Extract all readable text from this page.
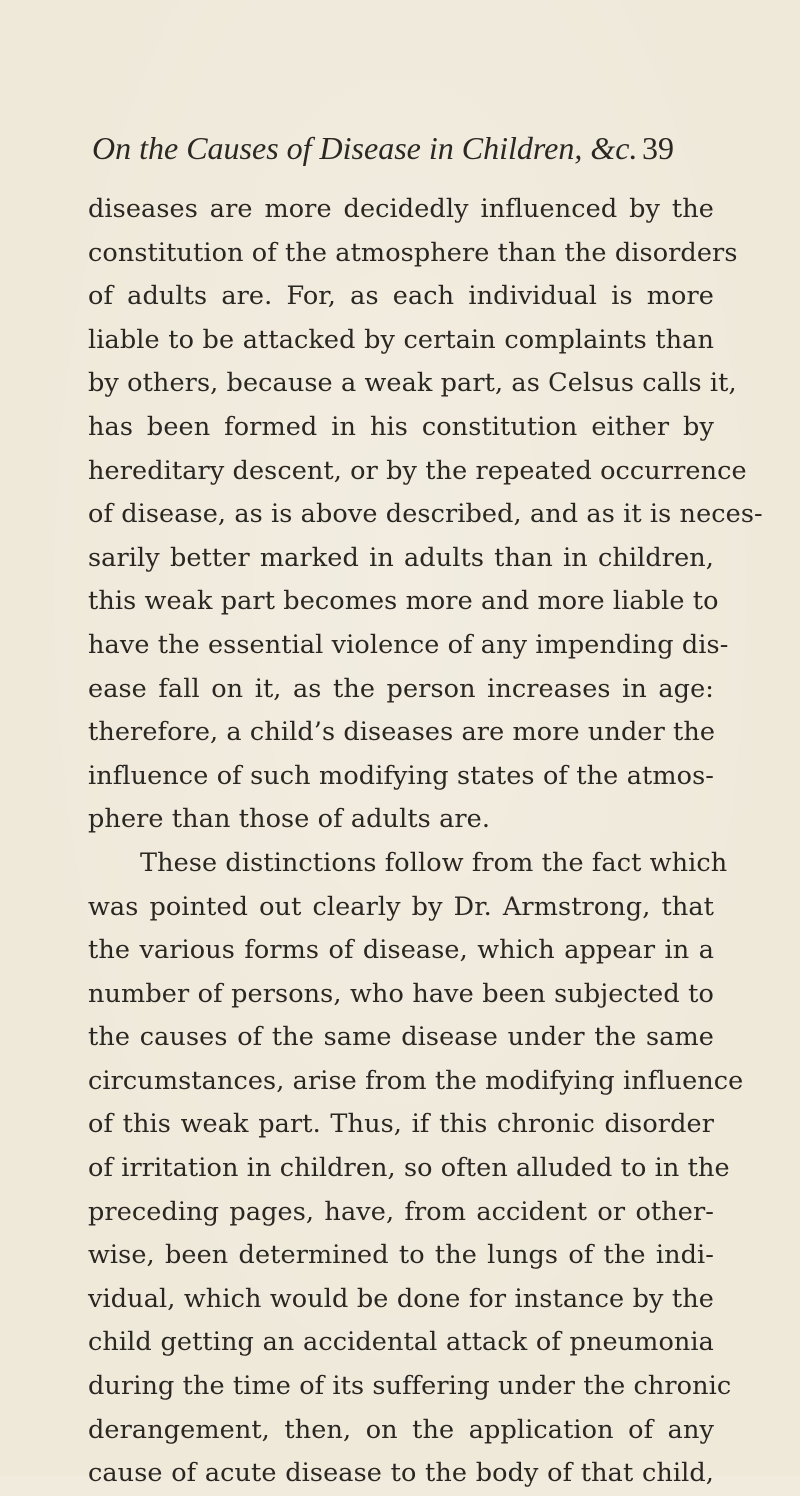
On the Causes of Disease in Children, &c. 39
diseases are more decidedly influenced by the
constitution of the atmosphere than the disorders
of adults are. For, as each individual is more
liable to be attacked by certain complaints than
by others, because a weak part, as Celsus calls it,
has been formed in his constitution either by
hereditary descent, or by the repeated occurrence
of disease, as is above described, and as it is neces-
sarily better marked in adults than in children,
this weak part becomes more and more liable to
have the essential violence of any impending dis-
ease fall on it, as the person increases in age:
therefore, a child’s diseases are more under the
influence of such modifying states of the atmos-
phere than those of adults are.
These distinctions follow from the fact which
was pointed out clearly by Dr. Armstrong, that
the various forms of disease, which appear in a
number of persons, who have been subjected to
the causes of the same disease under the same
circumstances, arise from the modifying influence
of this weak part. Thus, if this chronic disorder
of irritation in children, so often alluded to in the
preceding pages, have, from accident or other-
wise, been determined to the lungs of the indi-
vidual, which would be done for instance by the
child getting an accidental attack of pneumonia
during the time of its suffering under the chronic
derangement, then, on the application of any
cause of acute disease to the body of that child,
